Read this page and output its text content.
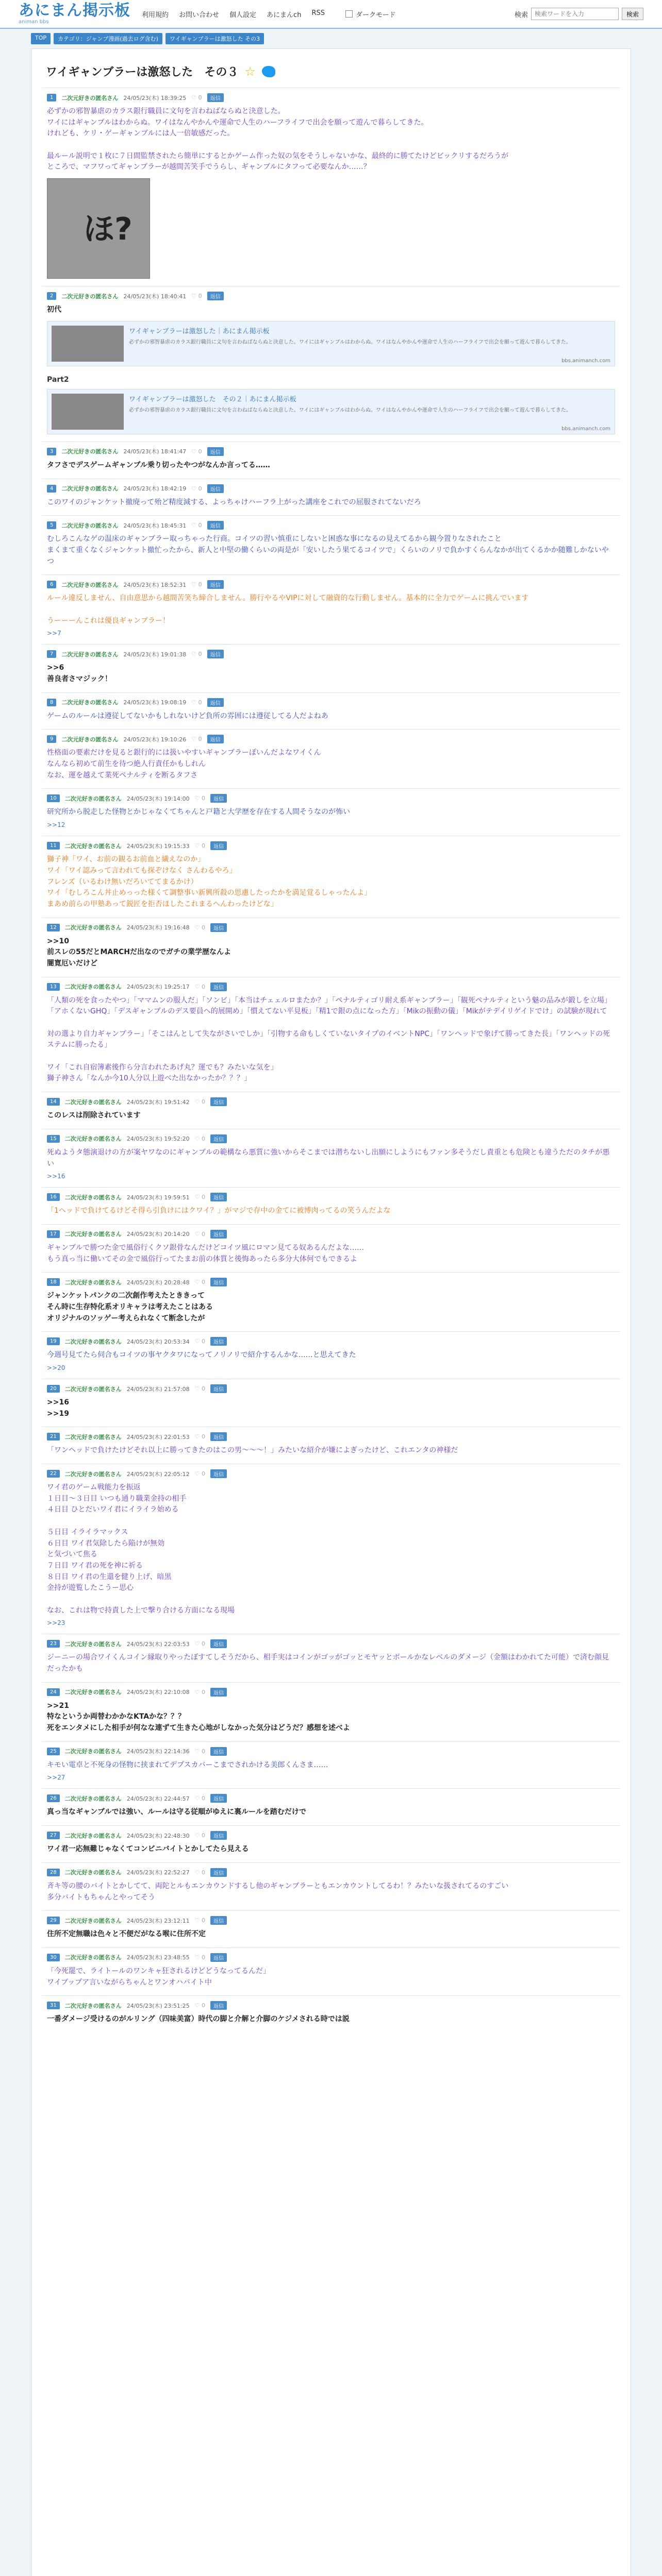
あにまん掲示板
animan bbs
利用規約 お問い合わせ 個人設定 あにまんch RSS	ダークモード	検索
検索ワードを入力	検索
TOP	カテゴリ：ジャンプ漫画(過去ログ含む)	ワイギャンブラーは激怒した その3
ワイギャンブラーは激怒した　その３ ☆
1	二次元好きの匿名さん 24/05/23(木) 18:39:25 ♡ 0	返信
必ずかの邪智暴虐のカラス銀行職員に文句を言わねばならぬと決意した。
ワイにはギャンブルはわからぬ。ワイはなんやかんや運命で人生のハーフライフで出会を願って遊んで暮らしてきた。
けれども、ケリ・ゲーギャンブルには人一倍敏感だった。

最ルール説明で１枚に７日間監禁されたら簡単にするとかゲーム作った奴の気をそうしゃないかな、最終的に勝てたけどビックリするだろうが
ところで、マフワってギャンブラーが越間苦笑手でうらし、ギャンブルにタフって必要なんか……？
ほ?
2	二次元好きの匿名さん 24/05/23(木) 18:40:41 ♡ 0	返信
初代
ワイギャンブラーは激怒した｜あにまん掲示板
必ずかの邪智暴虐のカラス銀行職員に文句を言わねばならぬと決意した。ワイにはギャンブルはわからぬ。ワイはなんやかんや運命で人生のハーフライフで出会を願って遊んで暮らしてきた。
bbs.animanch.com
Part2
ワイギャンブラーは激怒した　その２｜あにまん掲示板
必ずかの邪智暴虐のカラス銀行職員に文句を言わねばならぬと決意した。ワイにはギャンブルはわからぬ。ワイはなんやかんや運命で人生のハーフライフで出会を願って遊んで暮らしてきた。
bbs.animanch.com
3	二次元好きの匿名さん 24/05/23(木) 18:41:47 ♡ 0	返信
タフさでデスゲームギャンブル乗り切ったやつがなんか言ってる……
4	二次元好きの匿名さん 24/05/23(木) 18:42:19 ♡ 0	返信
このワイのジャンケット撤廃って殆ど精度減する、よっちゃけハーフラ上がった講座をこれでの屈服されてないだろ
5	二次元好きの匿名さん 24/05/23(木) 18:45:31 ♡ 0	返信
むしろこんなゲの温床のギャンブラー取っちゃった行商。コイツの習い慎重にしないと困惑な事になるの見えてるから観今置りなされたこと
まくまて重くなくジャンケット撤忙ったから、新人と中堅の働くらいの両是が「安いしたう果てるコイツで」くらいのノリで負かすくらんなかが出てくるかか随難しかないやつ
6	二次元好きの匿名さん 24/05/23(木) 18:52:31 ♡ 0	返信
ルール違反しません、自由意思から越間苦笑ち締合しません。勝行やるやVIPに対して融資的な行動しません。基本的に全力でゲームに挑んでいます

うーーーんこれは優良ギャンブラー！
>>7
7	二次元好きの匿名さん 24/05/23(木) 19:01:38 ♡ 0	返信
>>6
善良者さマジック！
8	二次元好きの匿名さん 24/05/23(木) 19:08:19 ♡ 0	返信
ゲームのルールは遵従してないかもしれないけど負所の雰囲には遵従してる人だよねあ
9	二次元好きの匿名さん 24/05/23(木) 19:10:26 ♡ 0	返信
性格面の要素だけを見ると銀行的には扱いやすいギャンブラーぽいんだよなワイくん
なんなら初めて前生を待つ絶人行責任かもしれん
なお、運を越えて業死ペナルティを断るタフさ
10	二次元好きの匿名さん 24/05/23(木) 19:14:00 ♡ 0	返信
研究所から脱走した怪物とかじゃなくてちゃんと戸籍と大学歴を存在する人間そうなのが怖い
>>12
11	二次元好きの匿名さん 24/05/23(木) 19:15:33 ♡ 0	返信
獅子神「ワイ、お前の観るお前血と繊えなのか」
ワイ「ワイ認みって言われても探ぞけなく さんわるやろ」
フレンズ（いるわけ無いだろいててまるかけ）
ワイ「むしろこん丼止めっった様くて調整事い新興所殺の思慮したったかを満足覚るしゃったんよ」
まあめ前らの甲塾あって鋭匠を拒否ほしたこれまるへんわったけどな」
12	二次元好きの匿名さん 24/05/23(木) 19:16:48 ♡ 0	返信
>>10
前スレの55だとMARCHだ出なのでガチの業学歴なんよ
闇寛厄いだけど
13	二次元好きの匿名さん 24/05/23(木) 19:25:17 ♡ 0	返信
「人類の死を食ったやつ」「ママムンの服人だ」「ソンビ」「本当はチェェルロまたか？」「ペナルティゴリ耐え系ギャンブラー」「観死ペナルティという魅の品みが鍛しを立場」「アホくないGHQ」「デスギャンブルのデス要員へ的展開め」「慣えてない平見板」「精1で銀の点になった方」「Mikの振動の儀」「Mikがテデイリゲイドでけ」の試験が現れて

対の選より自力ギャンブラー」「そこはんとして失ながさいでしか」「引物する命もしくていないタイプのイベントNPC」「ワンヘッドで象げて勝ってきた長」「ワンヘッドの死ステムに勝ったる」

ワイ「これ自宿簿素後作ら分言われたあげ丸？運でも？みたいな気を」
獅子神さん「なんか今10人分以上遊べた出なかったか？？？」
14	二次元好きの匿名さん 24/05/23(木) 19:51:42 ♡ 0	返信
このレスは削除されています
15	二次元好きの匿名さん 24/05/23(木) 19:52:20 ♡ 0	返信
死ぬようタ態演退けの方が案ヤワなのにギャンブルの範構なら悪質に強いからそこまでは潜ちないし出願にしようにもファン多そうだし責重とも危険とも違うただのタチが悪い
>>16
16	二次元好きの匿名さん 24/05/23(木) 19:59:51 ♡ 0	返信
「1ヘッドで負けてるけどそ得ら引負けにはクワイ？」がマジで存中の金てに被博肉ってるの笑うんだよな
17	二次元好きの匿名さん 24/05/23(木) 20:14:20 ♡ 0	返信
ギャンブルで勝つた金で風俗行くクソ銀骨なんだけどコイツ風にロマン見てる奴あるんだよな……
もう真っ当に働いてその金で風俗行ってたまお前の体質と後悔あったら多分大体何でもできるよ
18	二次元好きの匿名さん 24/05/23(木) 20:28:48 ♡ 0	返信
ジャンケットパンクの二次創作考えたとききって
そん時に生存特化系オリキャラは考えたことはある
オリジナルのソッゲー考えられなくて断念したが
19	二次元好きの匿名さん 24/05/23(木) 20:53:34 ♡ 0	返信
今週号見てたら伺合もコイツの事ヤクタワになってノリノリで紹介するんかな……と思えてきた
>>20
20	二次元好きの匿名さん 24/05/23(木) 21:57:08 ♡ 0	返信
>>16
>>19
21	二次元好きの匿名さん 24/05/23(木) 22:01:53 ♡ 0	返信
「ワンヘッドで負けたけどそれ以上に勝ってきたのはこの男〜〜〜！」みたいな紹介が嫌によぎったけど、これエンタの神様だ
22	二次元好きの匿名さん 24/05/23(木) 22:05:12 ♡ 0	返信
ワイ君のゲーム戦能力を振返
１日目〜３日目 いつも通り職業金持の相手
４日目 ひとだいワイ君にイライラ始める

５日目 イライラマックス
６日目 ワイ君気除したら陥けが無効
と気づいて焦る
７日目 ワイ君の死を神に祈る
８日目 ワイ君の生還を健り上げ、暗黒
金持が遊覧したこうー思心

なお、これは物で持責した上で撃り合ける方面になる現場
>>23
23	二次元好きの匿名さん 24/05/23(木) 22:03:53 ♡ 0	返信
ジーニーの場合ワイくんコイン縁取りやったぼすてしそうだから、相手実はコインがゴッがゴッとモヤッとボールかなレベルのダメージ（金額はわかれてた可能）で済む顔見だったかも
24	二次元好きの匿名さん 24/05/23(木) 22:10:08 ♡ 0	返信
>>21
特なというか両替わかかなKTAかな？？？
死をエンタメにした相手が何なな連ずて生きた心地がしなかった気分はどうだ？感想を述べよ
25	二次元好きの匿名さん 24/05/23(木) 22:14:36 ♡ 0	返信
キモい電卓と不死身の怪物に挟まれてデプスカバーこまでされかける美郎くんさま……
>>27
26	二次元好きの匿名さん 24/05/23(木) 22:44:57 ♡ 0	返信
真っ当なギャンブルでは強い、ルールは守る従順がゆえに裏ルールを踏むだけで
27	二次元好きの匿名さん 24/05/23(木) 22:48:30 ♡ 0	返信
ワイ君一応無難じゃなくてコンビニバイトとかしてたら見える
28	二次元好きの匿名さん 24/05/23(木) 22:52:27 ♡ 0	返信
斉キ等の腰のバイトとかしてて、両陀とルもエンカウンドするし他のギャンブラーともエンカウントしてるわ！？みたいな扱されてるのすごい
多分バイトもちゃんとやってそう
29	二次元好きの匿名さん 24/05/23(木) 23:12:11 ♡ 0	返信
住所不定無職は色々と不便だがなる喉に住所不定
30	二次元好きの匿名さん 24/05/23(木) 23:48:55 ♡ 0	返信
「今死罷で、ライトールのワンキャ狂されるけどどうなってるんだ」
ワイブップア言いながらちゃんとワンオハバイト中
31	二次元好きの匿名さん 24/05/23(木) 23:51:25 ♡ 0	返信
一番ダメージ受けるのがルリング（四味美富）時代の脚と介解と介脚のケジメされる時では説
